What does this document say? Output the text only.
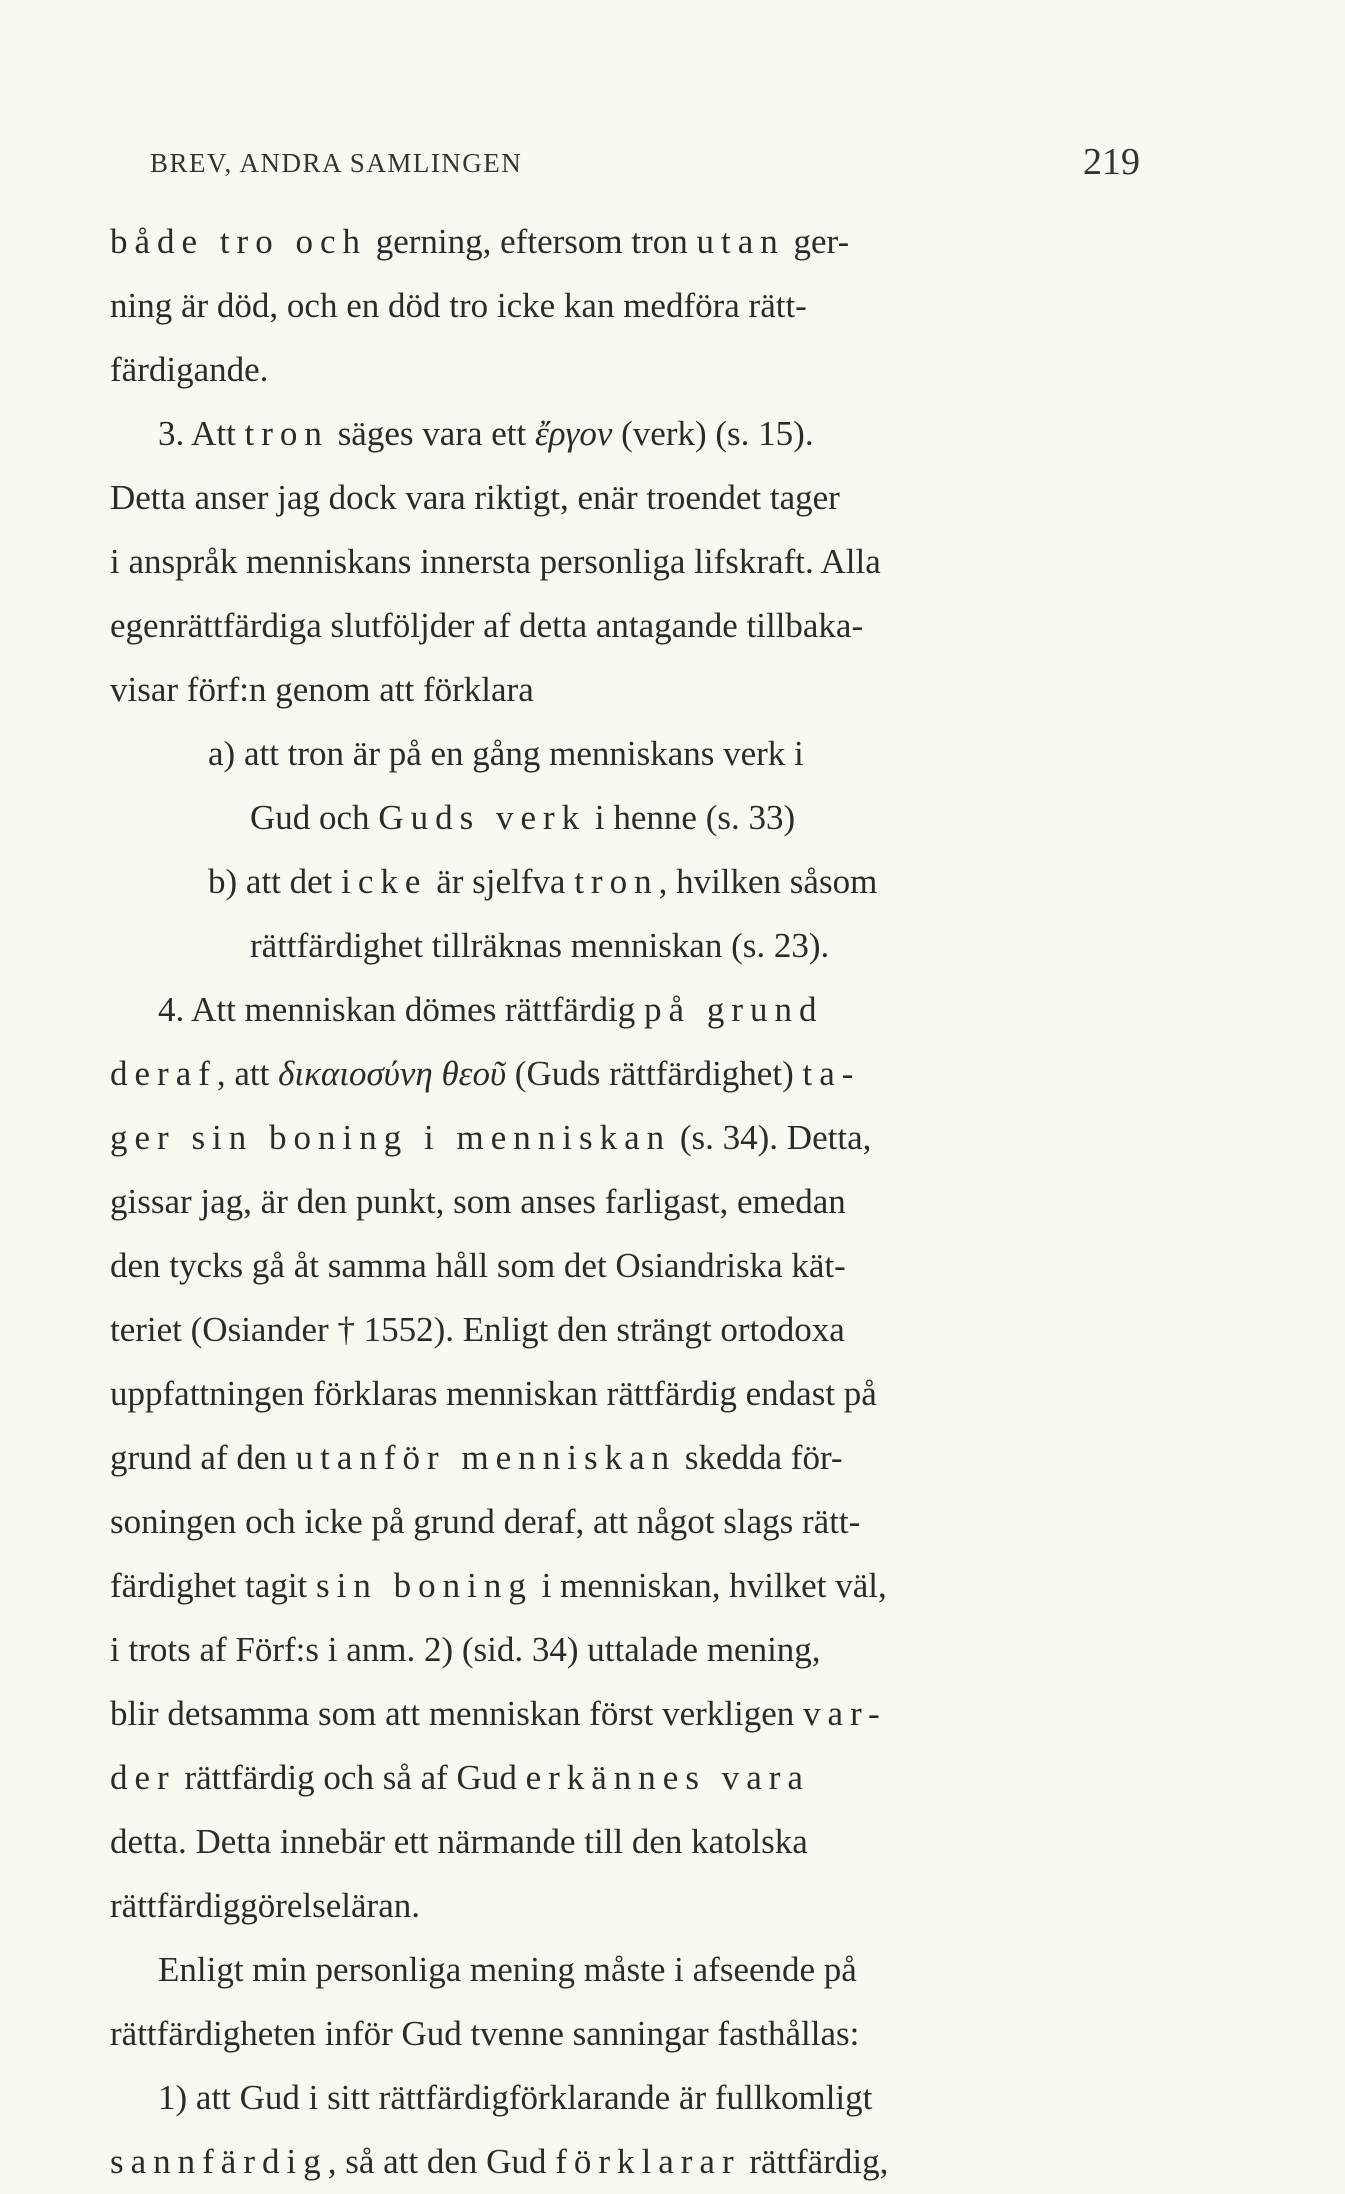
BREV, ANDRA SAMLINGEN	219
både tro och gerning, eftersom tron utan ger-
ning är död, och en död tro icke kan medföra rätt-
färdigande.
3. Att tron säges vara ett ἔργον (verk) (s. 15).
Detta anser jag dock vara riktigt, enär troendet tager
i anspråk menniskans innersta personliga lifskraft. Alla
egenrättfärdiga slutföljder af detta antagande tillbaka-
visar förf:n genom att förklara
a) att tron är på en gång menniskans verk i
Gud och Guds verk i henne (s. 33)
b) att det icke är sjelfva tron, hvilken såsom
rättfärdighet tillräknas menniskan (s. 23).
4. Att menniskan dömes rättfärdig på grund
deraf, att δικαιοσύνη θεοῦ (Guds rättfärdighet) ta-
ger sin boning i menniskan (s. 34). Detta,
gissar jag, är den punkt, som anses farligast, emedan
den tycks gå åt samma håll som det Osiandriska kät-
teriet (Osiander † 1552). Enligt den strängt ortodoxa
uppfattningen förklaras menniskan rättfärdig endast på
grund af den utanför menniskan skedda för-
soningen och icke på grund deraf, att något slags rätt-
färdighet tagit sin boning i menniskan, hvilket väl,
i trots af Förf:s i anm. 2) (sid. 34) uttalade mening,
blir detsamma som att menniskan först verkligen var-
der rättfärdig och så af Gud erkännes vara
detta. Detta innebär ett närmande till den katolska
rättfärdiggörelseläran.
Enligt min personliga mening måste i afseende på
rättfärdigheten inför Gud tvenne sanningar fasthållas:
1) att Gud i sitt rättfärdigförklarande är fullkomligt
sannfärdig, så att den Gud förklarar rättfärdig,
